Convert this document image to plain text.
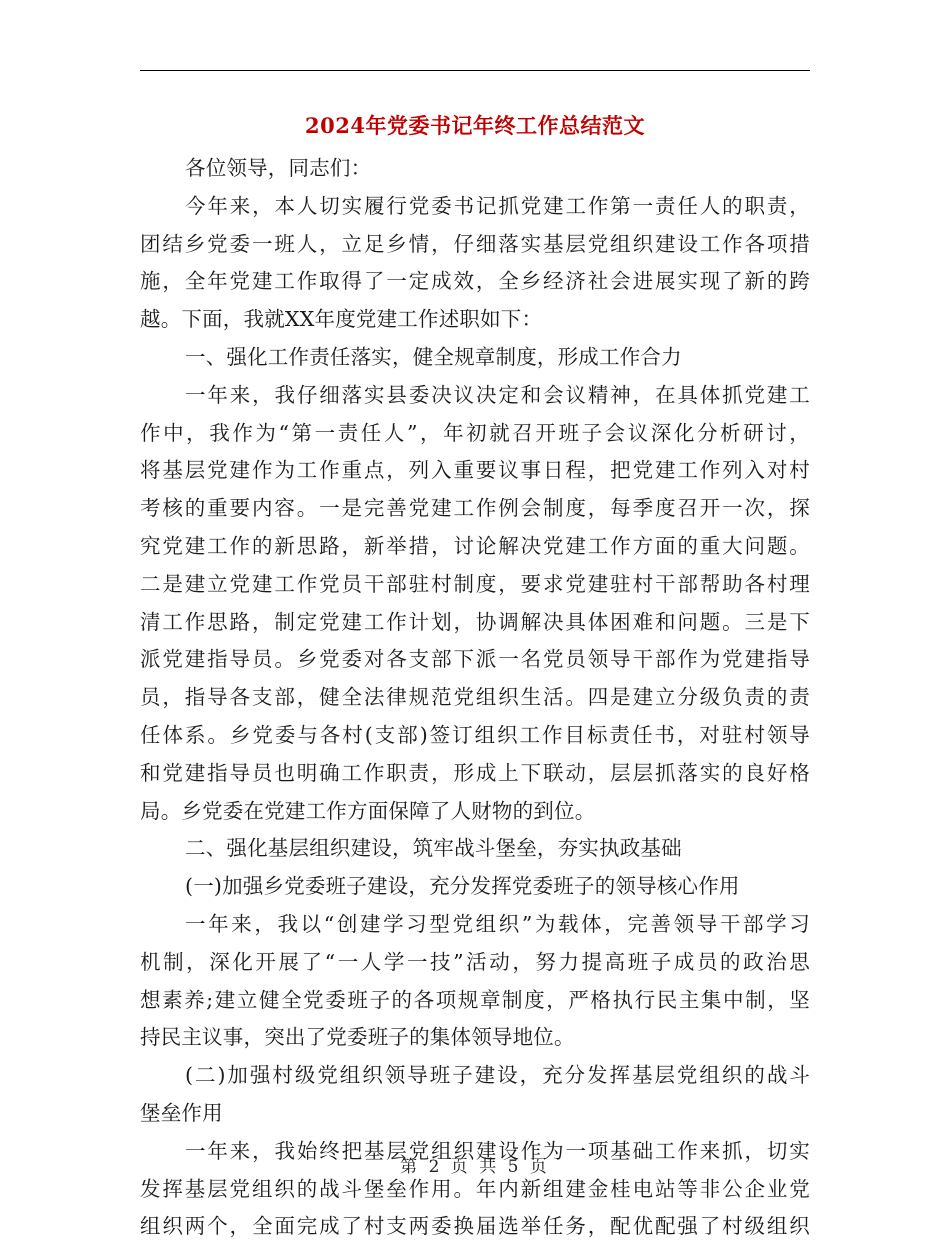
2024年党委书记年终工作总结范文
各位领导，同志们：
今年来，本人切实履行党委书记抓党建工作第一责任人的职责，
团结乡党委一班人，立足乡情，仔细落实基层党组织建设工作各项措
施，全年党建工作取得了一定成效，全乡经济社会进展实现了新的跨
越。下面，我就XX年度党建工作述职如下：
一、强化工作责任落实，健全规章制度，形成工作合力
一年来，我仔细落实县委决议决定和会议精神，在具体抓党建工
作中，我作为“第一责任人”，年初就召开班子会议深化分析研讨，
将基层党建作为工作重点，列入重要议事日程，把党建工作列入对村
考核的重要内容。一是完善党建工作例会制度，每季度召开一次，探
究党建工作的新思路，新举措，讨论解决党建工作方面的重大问题。
二是建立党建工作党员干部驻村制度，要求党建驻村干部帮助各村理
清工作思路，制定党建工作计划，协调解决具体困难和问题。三是下
派党建指导员。乡党委对各支部下派一名党员领导干部作为党建指导
员，指导各支部，健全法律规范党组织生活。四是建立分级负责的责
任体系。乡党委与各村(支部)签订组织工作目标责任书，对驻村领导
和党建指导员也明确工作职责，形成上下联动，层层抓落实的良好格
局。乡党委在党建工作方面保障了人财物的到位。
二、强化基层组织建设，筑牢战斗堡垒，夯实执政基础
(一)加强乡党委班子建设，充分发挥党委班子的领导核心作用
一年来，我以“创建学习型党组织”为载体，完善领导干部学习
机制，深化开展了“一人学一技”活动，努力提高班子成员的政治思
想素养;建立健全党委班子的各项规章制度，严格执行民主集中制，坚
持民主议事，突出了党委班子的集体领导地位。
(二)加强村级党组织领导班子建设，充分发挥基层党组织的战斗
堡垒作用
一年来，我始终把基层党组织建设作为一项基础工作来抓，切实
发挥基层党组织的战斗堡垒作用。年内新组建金桂电站等非公企业党
组织两个，全面完成了村支两委换届选举任务，配优配强了村级组织
第 2 页 共 5 页
